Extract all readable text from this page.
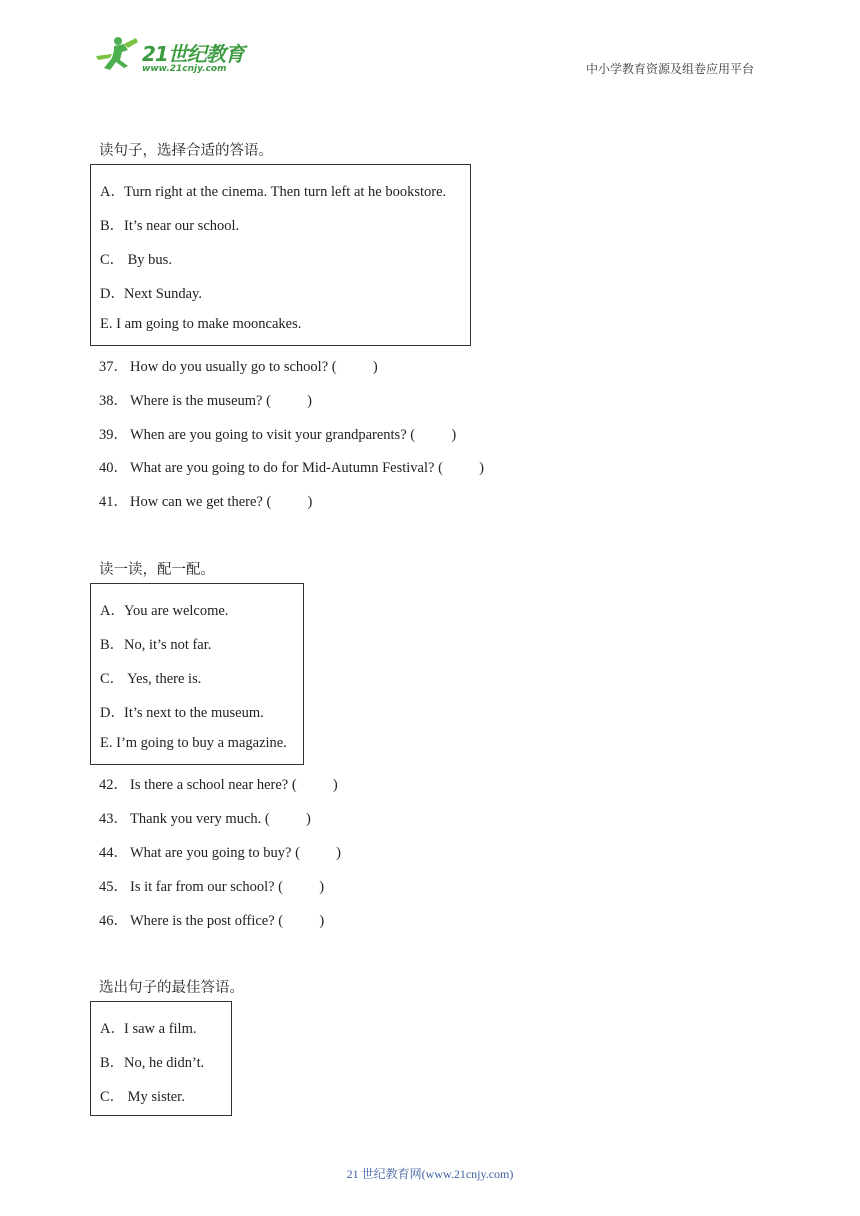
21世纪教育
www.21cnjy.com	中小学教育资源及组卷应用平台
读句子，选择合适的答语。
A．Turn right at the cinema. Then turn left at he bookstore.
B．It’s near our school.
C． By bus.
D．Next Sunday.
E. I am going to make mooncakes.
37． How do you usually go to school? (          )
38． Where is the museum? (          )
39． When are you going to visit your grandparents? (          )
40． What are you going to do for Mid-Autumn Festival? (          )
41． How can we get there? (          )
读一读，配一配。
A．You are welcome.
B．No, it’s not far.
C． Yes, there is.
D．It’s next to the museum.
E. I’m going to buy a magazine.
42． Is there a school near here? (          )
43． Thank you very much. (          )
44． What are you going to buy? (          )
45． Is it far from our school? (          )
46． Where is the post office? (          )
选出句子的最佳答语。
A．I saw a film.
B．No, he didn’t.
C． My sister.
21 世纪教育网(www.21cnjy.com)
